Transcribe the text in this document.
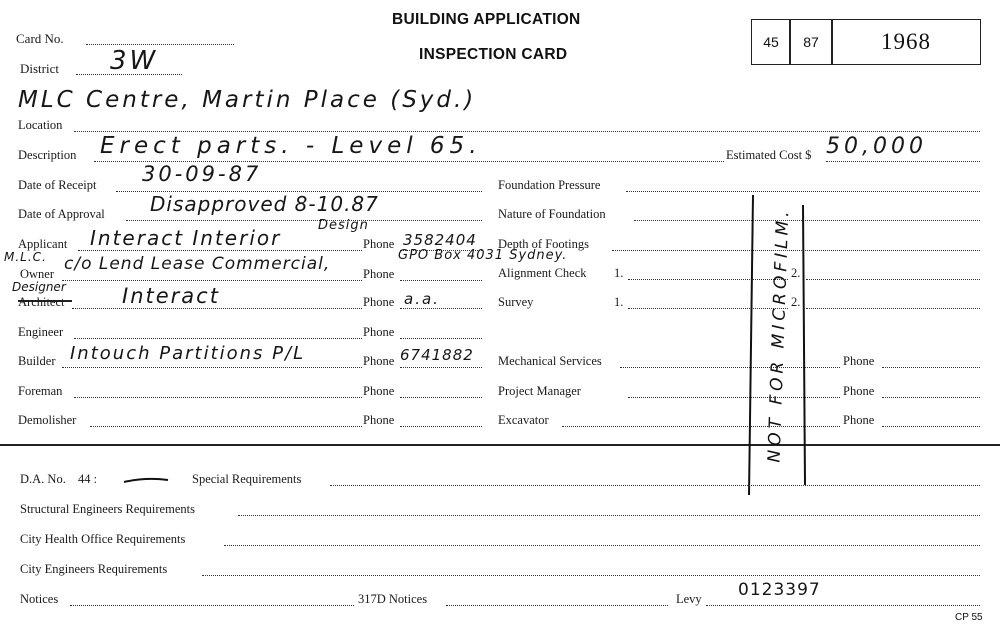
Card No.
District 3W
BUILDING APPLICATION
INSPECTION CARD
45 87	1968
MLC Centre, Martin Place (Syd.)
Location
Description Erect parts. - Level 65.	Estimated Cost $ 50,000
Date of Receipt 30-09-87
Date of Approval Disapproved 8-10.87
Design
Applicant Interact Interior	Phone 3582404
M.L.C.
Owner c/o Lend Lease Commercial,	Phone
GPO Box 4031 Sydney.
Designer
Architect	Interact	Phone a.a.
Engineer	Phone
Builder Intouch Partitions P/L	Phone 6741882
Foreman	Phone
Demolisher	Phone
Foundation Pressure
Nature of Foundation
Depth of Footings
Alignment Check 1.	2.
Survey	1.	2.
Mechanical Services	Phone
Project Manager	Phone
Excavator	Phone
NOT FOR MICROFILM.
D.A. No. 44 :	Special Requirements
Structural Engineers Requirements
City Health Office Requirements
City Engineers Requirements
Notices	317D Notices	Levy 0123397
CP 55
